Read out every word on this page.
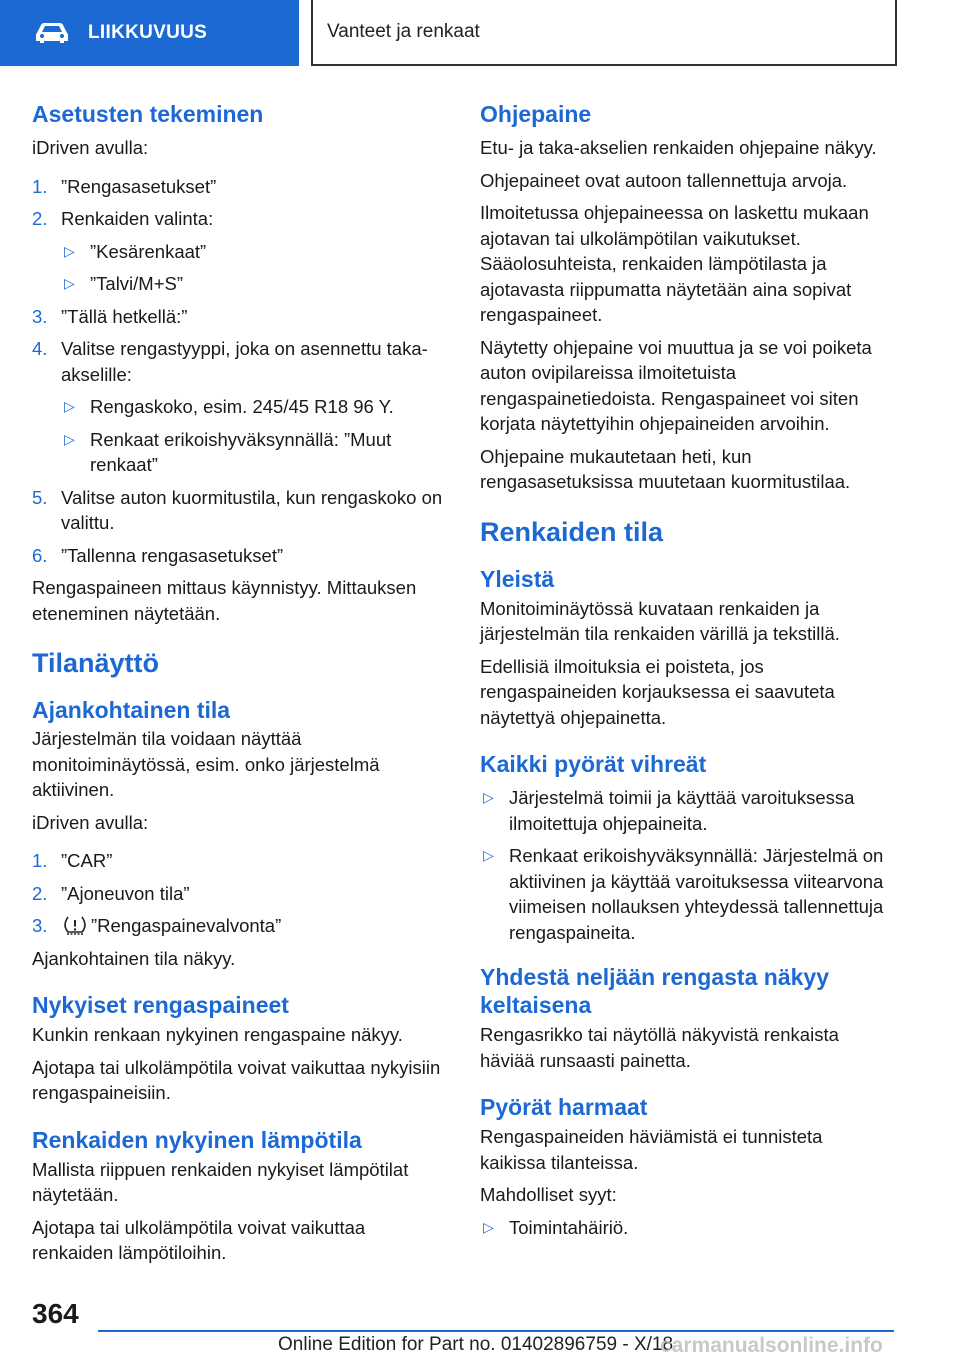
LIIKKUVUUS	Vanteet ja renkaat
Asetusten tekeminen

iDriven avulla:

1. ”Rengasasetukset”
2. Renkaiden valinta:
▷ ”Kesärenkaat”
▷ ”Talvi/M+S”
3. ”Tällä hetkellä:”
4. Valitse rengastyyppi, joka on asennettu taka-akselille:
▷ Rengaskoko, esim. 245/45 R18 96 Y.
▷ Renkaat erikoishyväksynnällä: ”Muut renkaat”
5. Valitse auton kuormitustila, kun rengaskoko on valittu.
6. ”Tallenna rengasasetukset”

Rengaspaineen mittaus käynnistyy. Mittauksen eteneminen näytetään.

Tilanäyttö
Ajankohtainen tila

Järjestelmän tila voidaan näyttää monitoiminäytössä, esim. onko järjestelmä aktiivinen.

iDriven avulla:

1. ”CAR”
2. ”Ajoneuvon tila”
3. ”Rengaspainevalvonta”

Ajankohtainen tila näkyy.

Nykyiset rengaspaineet

Kunkin renkaan nykyinen rengaspaine näkyy.

Ajotapa tai ulkolämpötila voivat vaikuttaa nykyisiin rengaspaineisiin.

Renkaiden nykyinen lämpötila

Mallista riippuen renkaiden nykyiset lämpötilat näytetään.

Ajotapa tai ulkolämpötila voivat vaikuttaa renkaiden lämpötiloihin.

Ohjepaine

Etu- ja taka-akselien renkaiden ohjepaine näkyy.

Ohjepaineet ovat autoon tallennettuja arvoja.

Ilmoitetussa ohjepaineessa on laskettu mukaan ajotavan tai ulkolämpötilan vaikutukset. Sääolosuhteista, renkaiden lämpötilasta ja ajotavasta riippumatta näytetään aina sopivat rengaspaineet.

Näytetty ohjepaine voi muuttua ja se voi poiketa auton ovipilareissa ilmoitetuista rengaspainetiedoista. Rengaspaineet voi siten korjata näytettyihin ohjepaineiden arvoihin.

Ohjepaine mukautetaan heti, kun rengasasetuksissa muutetaan kuormitustilaa.

Renkaiden tila
Yleistä

Monitoiminäytössä kuvataan renkaiden ja järjestelmän tila renkaiden värillä ja tekstillä.

Edellisiä ilmoituksia ei poisteta, jos rengaspaineiden korjauksessa ei saavuteta näytettyä ohjepainetta.

Kaikki pyörät vihreät
▷ Järjestelmä toimii ja käyttää varoituksessa ilmoitettuja ohjepaineita.
▷ Renkaat erikoishyväksynnällä: Järjestelmä on aktiivinen ja käyttää varoituksessa viitearvona viimeisen nollauksen yhteydessä tallennettuja rengaspaineita.
Yhdestä neljään rengasta näkyy keltaisena

Rengasrikko tai näytöllä näkyvistä renkaista häviää runsaasti painetta.

Pyörät harmaat

Rengaspaineiden häviämistä ei tunnisteta kaikissa tilanteissa.

Mahdolliset syyt:

▷ Toimintahäiriö.
364
Online Edition for Part no. 01402896759 - X/18
carmanualsonline.info
